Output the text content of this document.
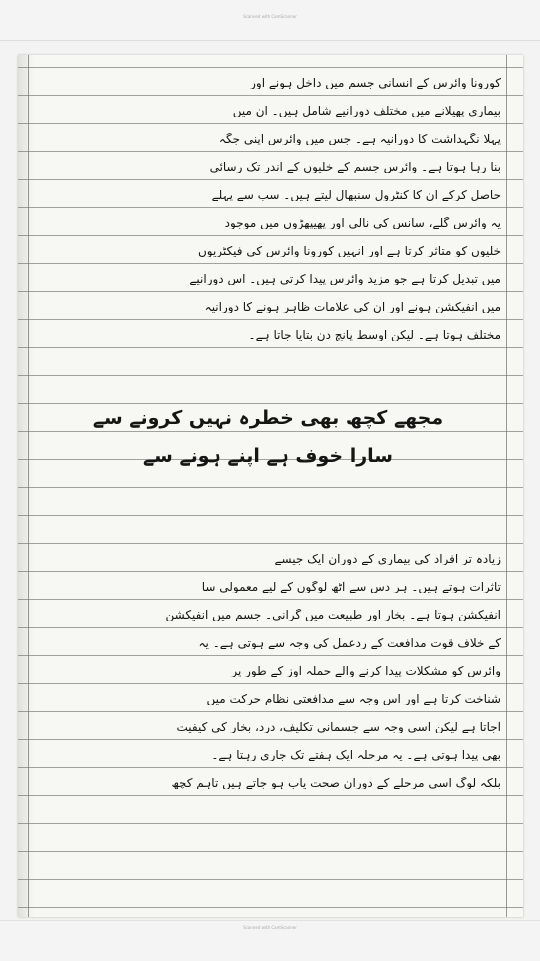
Scanned with CamScanner
کورونا وائرس کے انسانی جسم میں داخل ہونے اور
بیماری پھیلانے میں مختلف دورانیے شامل ہیں۔ ان میں
پہلا نگہداشت کا دورانیہ ہے۔ جس میں وائرس اپنی جگہ
بنا رہا ہوتا ہے۔ وائرس جسم کے خلیوں کے اندر تک رسائی
حاصل کرکے ان کا کنٹرول سنبھال لیتے ہیں۔ سب سے پہلے
یہ وائرس گلے، سانس کی نالی اور پھیپھڑوں میں موجود
خلیوں کو متاثر کرتا ہے اور انہیں کورونا وائرس کی فیکٹریوں
میں تبدیل کرتا ہے جو مزید وائرس پیدا کرتی ہیں۔ اس دورانیے
میں انفیکشن ہونے اور ان کی علامات ظاہر ہونے کا دورانیہ
مختلف ہوتا ہے۔ لیکن اوسط پانچ دن بتایا جاتا ہے۔
مجھے کچھ بھی خطرہ نہیں کرونے سے
سارا خوف ہے اپنے ہونے سے
زیادہ تر افراد کی بیماری کے دوران ایک جیسے
تاثرات ہوتے ہیں۔ ہر دس سے آٹھ لوگوں کے لیے معمولی سا
انفیکشن ہوتا ہے۔ بخار اور طبیعت میں گرانی۔ جسم میں انفیکشن
کے خلاف قوت مدافعت کے ردعمل کی وجہ سے ہوتی ہے۔ یہ
وائرس کو مشکلات پیدا کرنے والے حملہ آوز کے طور پر
شناخت کرتا ہے اور اس وجہ سے مدافعتی نظام حرکت میں
آجاتا ہے لیکن اسی وجہ سے جسمانی تکلیف، درد، بخار کی کیفیت
بھی پیدا ہوتی ہے۔ یہ مرحلہ ایک ہفتے تک جاری رہتا ہے۔
بلکہ لوگ اسی مرحلے کے دوران صحت یاب ہو جاتے ہیں تاہم کچھ
Scanned with CamScanner
